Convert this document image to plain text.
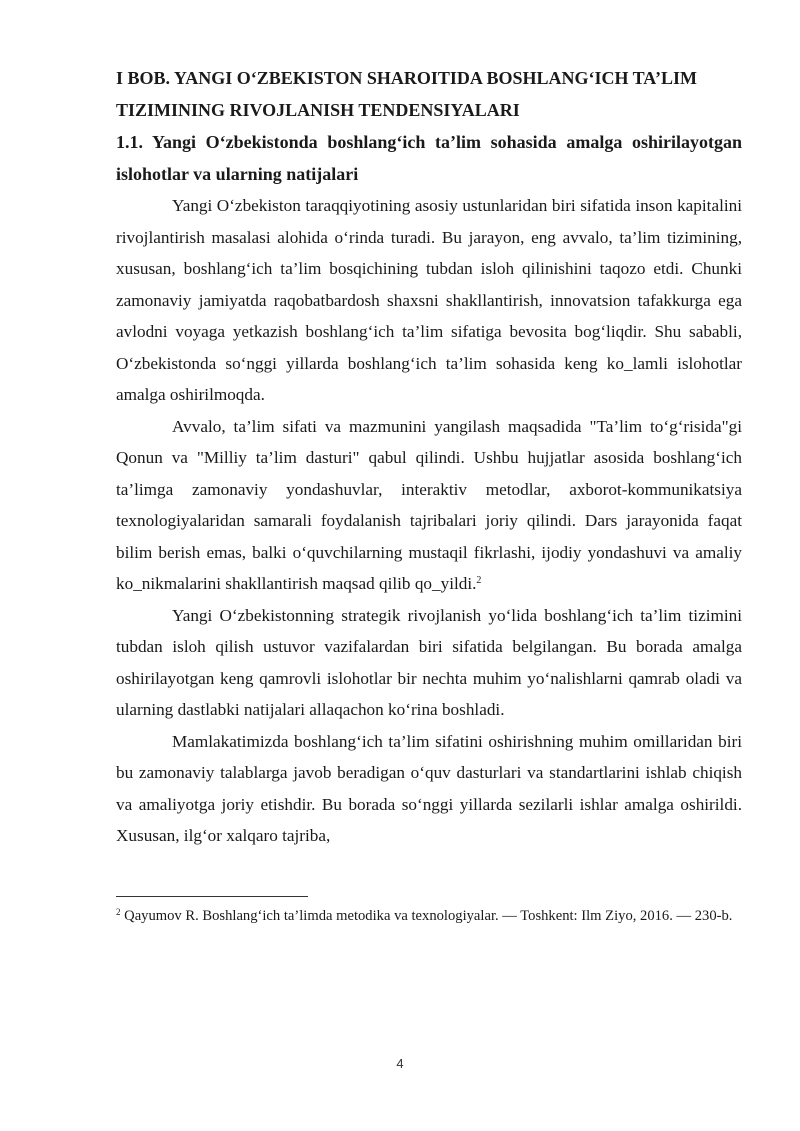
I BOB. YANGI O‘ZBEKISTON SHAROITIDA BOSHLANG‘ICH TA’LIM TIZIMINING RIVOJLANISH TENDENSIYALARI
1.1. Yangi O‘zbekistonda boshlang‘ich ta’lim sohasida amalga oshirilayotgan islohotlar va ularning natijalari

Yangi O‘zbekiston taraqqiyotining asosiy ustunlaridan biri sifatida inson kapitalini rivojlantirish masalasi alohida o‘rinda turadi. Bu jarayon, eng avvalo, ta’lim tizimining, xususan, boshlang‘ich ta’lim bosqichining tubdan isloh qilinishini taqozo etdi. Chunki zamonaviy jamiyatda raqobatbardosh shaxsni shakllantirish, innovatsion tafakkurga ega avlodni voyaga yetkazish boshlang‘ich ta’lim sifatiga bevosita bog‘liqdir. Shu sababli, O‘zbekistonda so‘nggi yillarda boshlang‘ich ta’lim sohasida keng ko_lamli islohotlar amalga oshirilmoqda.

Avvalo, ta’lim sifati va mazmunini yangilash maqsadida "Ta’lim to‘g‘risida"gi Qonun va "Milliy ta’lim dasturi" qabul qilindi. Ushbu hujjatlar asosida boshlang‘ich ta’limga zamonaviy yondashuvlar, interaktiv metodlar, axborot-kommunikatsiya texnologiyalaridan samarali foydalanish tajribalari joriy qilindi. Dars jarayonida faqat bilim berish emas, balki o‘quvchilarning mustaqil fikrlashi, ijodiy yondashuvi va amaliy ko_nikmalarini shakllantirish maqsad qilib qo_yildi.$^2$

Yangi O‘zbekistonning strategik rivojlanish yo‘lida boshlang‘ich ta’lim tizimini tubdan isloh qilish ustuvor vazifalardan biri sifatida belgilangan. Bu borada amalga oshirilayotgan keng qamrovli islohotlar bir nechta muhim yo‘nalishlarni qamrab oladi va ularning dastlabki natijalari allaqachon ko‘rina boshladi.

Mamlakatimizda boshlang‘ich ta’lim sifatini oshirishning muhim omillaridan biri bu zamonaviy talablarga javob beradigan o‘quv dasturlari va standartlarini ishlab chiqish va amaliyotga joriy etishdir. Bu borada so‘nggi yillarda sezilarli ishlar amalga oshirildi. Xususan, ilg‘or xalqaro tajriba,

$^2$ Qayumov R. Boshlang‘ich ta’limda metodika va texnologiyalar. — Toshkent: Ilm Ziyo, 2016. — 230-b.

4
